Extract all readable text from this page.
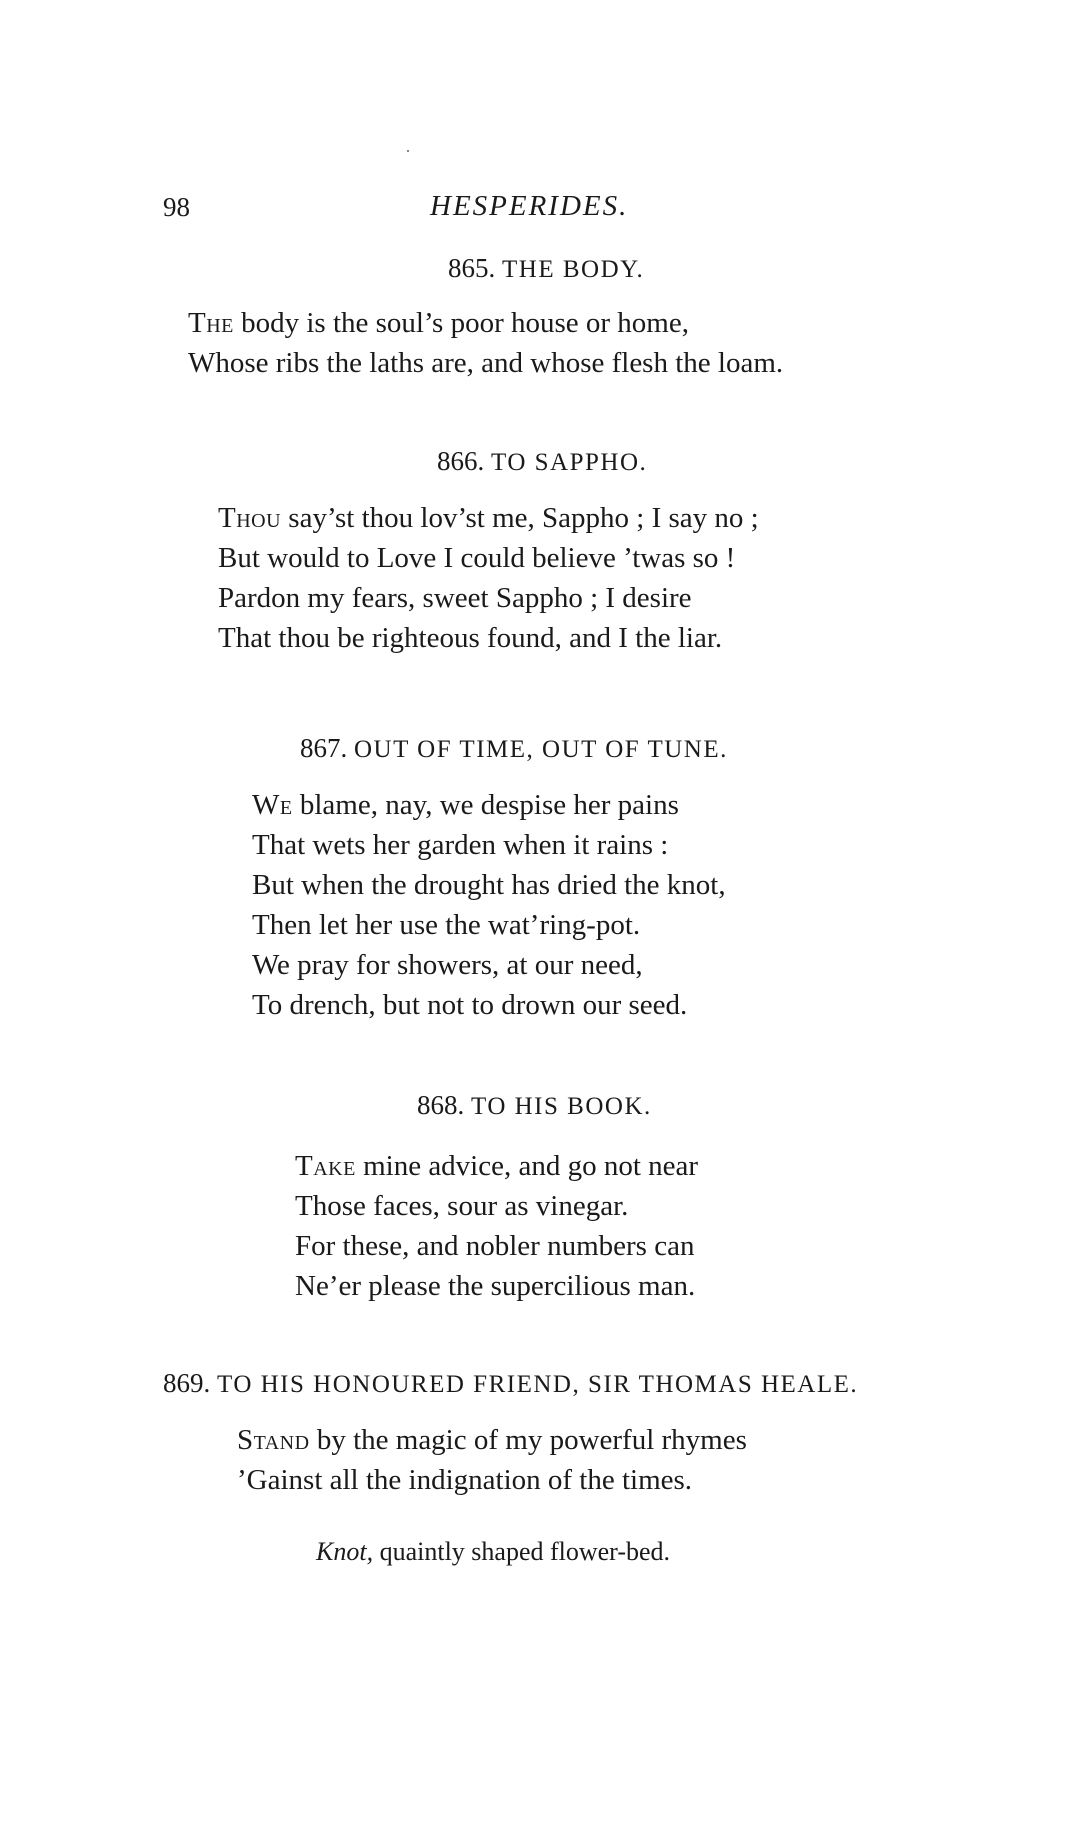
98	HESPERIDES.
865. THE BODY.
The body is the soul’s poor house or home,
Whose ribs the laths are, and whose flesh the loam.
866. TO SAPPHO.
Thou say’st thou lov’st me, Sappho ; I say no ;
But would to Love I could believe ’twas so !
Pardon my fears, sweet Sappho ; I desire
That thou be righteous found, and I the liar.
867. OUT OF TIME, OUT OF TUNE.
We blame, nay, we despise her pains
That wets her garden when it rains :
But when the drought has dried the knot,
Then let her use the wat’ring-pot.
We pray for showers, at our need,
To drench, but not to drown our seed.
868. TO HIS BOOK.
Take mine advice, and go not near
Those faces, sour as vinegar.
For these, and nobler numbers can
Ne’er please the supercilious man.
869. TO HIS HONOURED FRIEND, SIR THOMAS HEALE.
Stand by the magic of my powerful rhymes
’Gainst all the indignation of the times.
Knot, quaintly shaped flower-bed.
